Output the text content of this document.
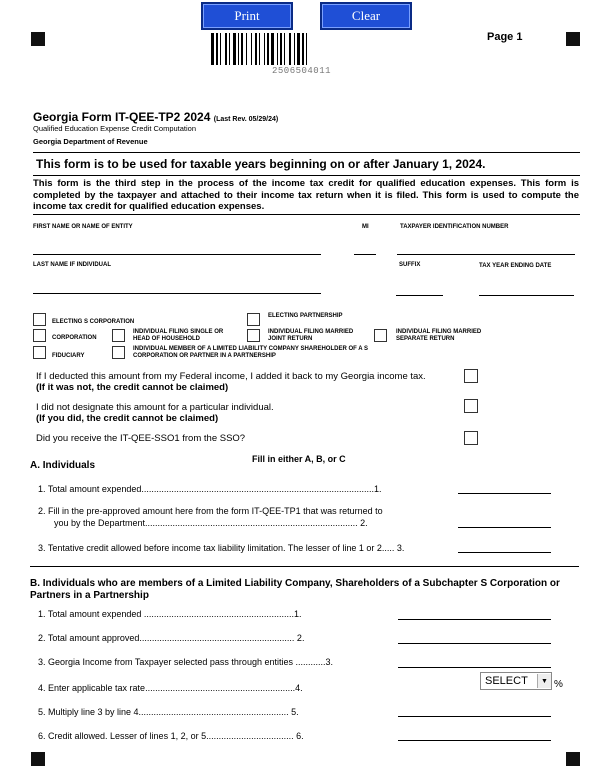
Print	Clear
2506504011
Page 1
Georgia Form IT-QEE-TP2 2024 (Last Rev. 05/29/24)
Qualified Education Expense Credit Computation
Georgia Department of Revenue
This form is to be used for taxable years beginning on or after January 1, 2024.
This form is the third step in the process of the income tax credit for qualified education expenses. This form is completed by the taxpayer and attached to their income tax return when it is filed. This form is used to compute the income tax credit for qualified education expenses.
FIRST NAME OR NAME OF ENTITY	MI	TAXPAYER IDENTIFICATION NUMBER
LAST NAME IF INDIVIDUAL	SUFFIX	TAX YEAR ENDING DATE
ELECTING S CORPORATION
ELECTING PARTNERSHIP
CORPORATION
INDIVIDUAL FILING SINGLE OR HEAD OF HOUSEHOLD
INDIVIDUAL FILING MARRIED JOINT RETURN
INDIVIDUAL FILING MARRIED SEPARATE RETURN
FIDUCIARY
INDIVIDUAL MEMBER OF A LIMITED LIABILITY COMPANY SHAREHOLDER OF A S CORPORATION OR PARTNER IN A PARTNERSHIP
If I deducted this amount from my Federal income, I added it back to my Georgia income tax.
(If it was not, the credit cannot be claimed)
I did not designate this amount for a particular individual.
(If you did, the credit cannot be claimed)
Did you receive the IT-QEE-SSO1 from the SSO?
Fill in either A, B, or C
A. Individuals
1. Total amount expended.............................................................................................1.
2. Fill in the pre-approved amount here from the form IT-QEE-TP1 that was returned to
you by the Department..................................................................................... 2.
3. Tentative credit allowed before income tax liability limitation. The lesser of line 1 or 2..... 3.
B. Individuals who are members of a Limited Liability Company, Shareholders of a Subchapter S Corporation or Partners in a Partnership
1. Total amount expended ............................................................1.
2. Total amount approved.............................................................. 2.
3. Georgia Income from Taxpayer selected pass through entities ............3.
4. Enter applicable tax rate............................................................4.
SELECT	▼ %
5. Multiply line 3 by line 4............................................................ 5.
6. Credit allowed. Lesser of lines 1, 2, or 5................................... 6.
